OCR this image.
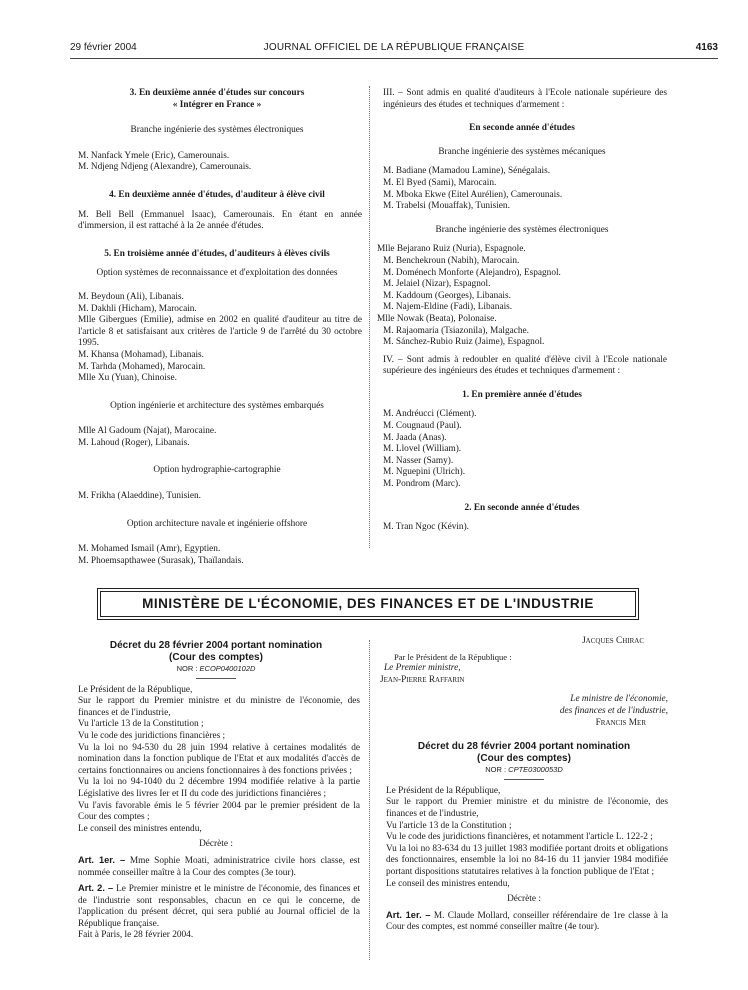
29 février 2004	JOURNAL OFFICIEL DE LA RÉPUBLIQUE FRANÇAISE	4163

3. En deuxième année d'études sur concours

« Intégrer en France »

Branche ingénierie des systèmes électroniques

M. Nanfack Ymele (Eric), Camerounais.

M. Ndjeng Ndjeng (Alexandre), Camerounais.

4. En deuxième année d'études, d'auditeur à élève civil

M. Bell Bell (Emmanuel Isaac), Camerounais. En étant en année d'immersion, il est rattaché à la 2e année d'études.

5. En troisième année d'études, d'auditeurs à élèves civils

Option systèmes de reconnaissance et d'exploitation des données

M. Beydoun (Ali), Libanais.

M. Dakhli (Hicham), Marocain.

Mlle Gibergues (Emilie), admise en 2002 en qualité d'auditeur au titre de l'article 8 et satisfaisant aux critères de l'article 9 de l'arrêté du 30 octobre 1995.

M. Khansa (Mohamad), Libanais.

M. Tarhda (Mohamed), Marocain.

Mlle Xu (Yuan), Chinoise.

Option ingénierie et architecture des systèmes embarqués

Mlle Al Gadoum (Najat), Marocaine.

M. Lahoud (Roger), Libanais.

Option hydrographie-cartographie

M. Frikha (Alaeddine), Tunisien.

Option architecture navale et ingénierie offshore

M. Mohamed Ismail (Amr), Egyptien.

M. Phoemsapthawee (Surasak), Thaïlandais.

III. – Sont admis en qualité d'auditeurs à l'Ecole nationale supérieure des ingénieurs des études et techniques d'armement :

En seconde année d'études

Branche ingénierie des systèmes mécaniques

M. Badiane (Mamadou Lamine), Sénégalais.

M. El Byed (Sami), Marocain.

M. Mboka Ekwe (Eitel Aurélien), Camerounais.

M. Trabelsi (Mouaffak), Tunisien.

Branche ingénierie des systèmes électroniques

Mlle Bejarano Ruiz (Nuria), Espagnole.

M. Benchekroun (Nabih), Marocain.

M. Doménech Monforte (Alejandro), Espagnol.

M. Jelaiel (Nizar), Espagnol.

M. Kaddoum (Georges), Libanais.

M. Najem-Eldine (Fadi), Libanais.

Mlle Nowak (Beata), Polonaise.

M. Rajaomaria (Tsiazonila), Malgache.

M. Sánchez-Rubio Ruiz (Jaime), Espagnol.

IV. – Sont admis à redoubler en qualité d'élève civil à l'Ecole nationale supérieure des ingénieurs des études et techniques d'armement :

1. En première année d'études

M. Andréucci (Clément).

M. Cougnaud (Paul).

M. Jaada (Anas).

M. Llovel (William).

M. Nasser (Samy).

M. Nguepini (Ulrich).

M. Pondrom (Marc).

2. En seconde année d'études

M. Tran Ngoc (Kévin).

MINISTÈRE DE L'ÉCONOMIE, DES FINANCES ET DE L'INDUSTRIE

Décret du 28 février 2004 portant nomination

(Cour des comptes)

NOR : ECOP0400102D

Le Président de la République,

Sur le rapport du Premier ministre et du ministre de l'économie, des finances et de l'industrie,

Vu l'article 13 de la Constitution ;

Vu le code des juridictions financières ;

Vu la loi no 94-530 du 28 juin 1994 relative à certaines modalités de nomination dans la fonction publique de l'Etat et aux modalités d'accès de certains fonctionnaires ou anciens fonctionnaires à des fonctions privées ;

Vu la loi no 94-1040 du 2 décembre 1994 modifiée relative à la partie Législative des livres Ier et II du code des juridictions financières ;

Vu l'avis favorable émis le 5 février 2004 par le premier président de la Cour des comptes ;

Le conseil des ministres entendu,

Décrète :

Art. 1er. – Mme Sophie Moati, administratrice civile hors classe, est nommée conseiller maître à la Cour des comptes (3e tour).

Art. 2. – Le Premier ministre et le ministre de l'économie, des finances et de l'industrie sont responsables, chacun en ce qui le concerne, de l'application du présent décret, qui sera publié au Journal officiel de la République française.

Fait à Paris, le 28 février 2004.

Jacques Chirac

Par le Président de la République :

Le Premier ministre,

Jean-Pierre Raffarin

Le ministre de l'économie,

des finances et de l'industrie,

Francis Mer

Décret du 28 février 2004 portant nomination

(Cour des comptes)

NOR : CPTE0300053D

Le Président de la République,

Sur le rapport du Premier ministre et du ministre de l'économie, des finances et de l'industrie,

Vu l'article 13 de la Constitution ;

Vu le code des juridictions financières, et notamment l'article L. 122-2 ;

Vu la loi no 83-634 du 13 juillet 1983 modifiée portant droits et obligations des fonctionnaires, ensemble la loi no 84-16 du 11 janvier 1984 modifiée portant dispositions statutaires relatives à la fonction publique de l'Etat ;

Le conseil des ministres entendu,

Décrète :

Art. 1er. – M. Claude Mollard, conseiller référendaire de 1re classe à la Cour des comptes, est nommé conseiller maître (4e tour).
